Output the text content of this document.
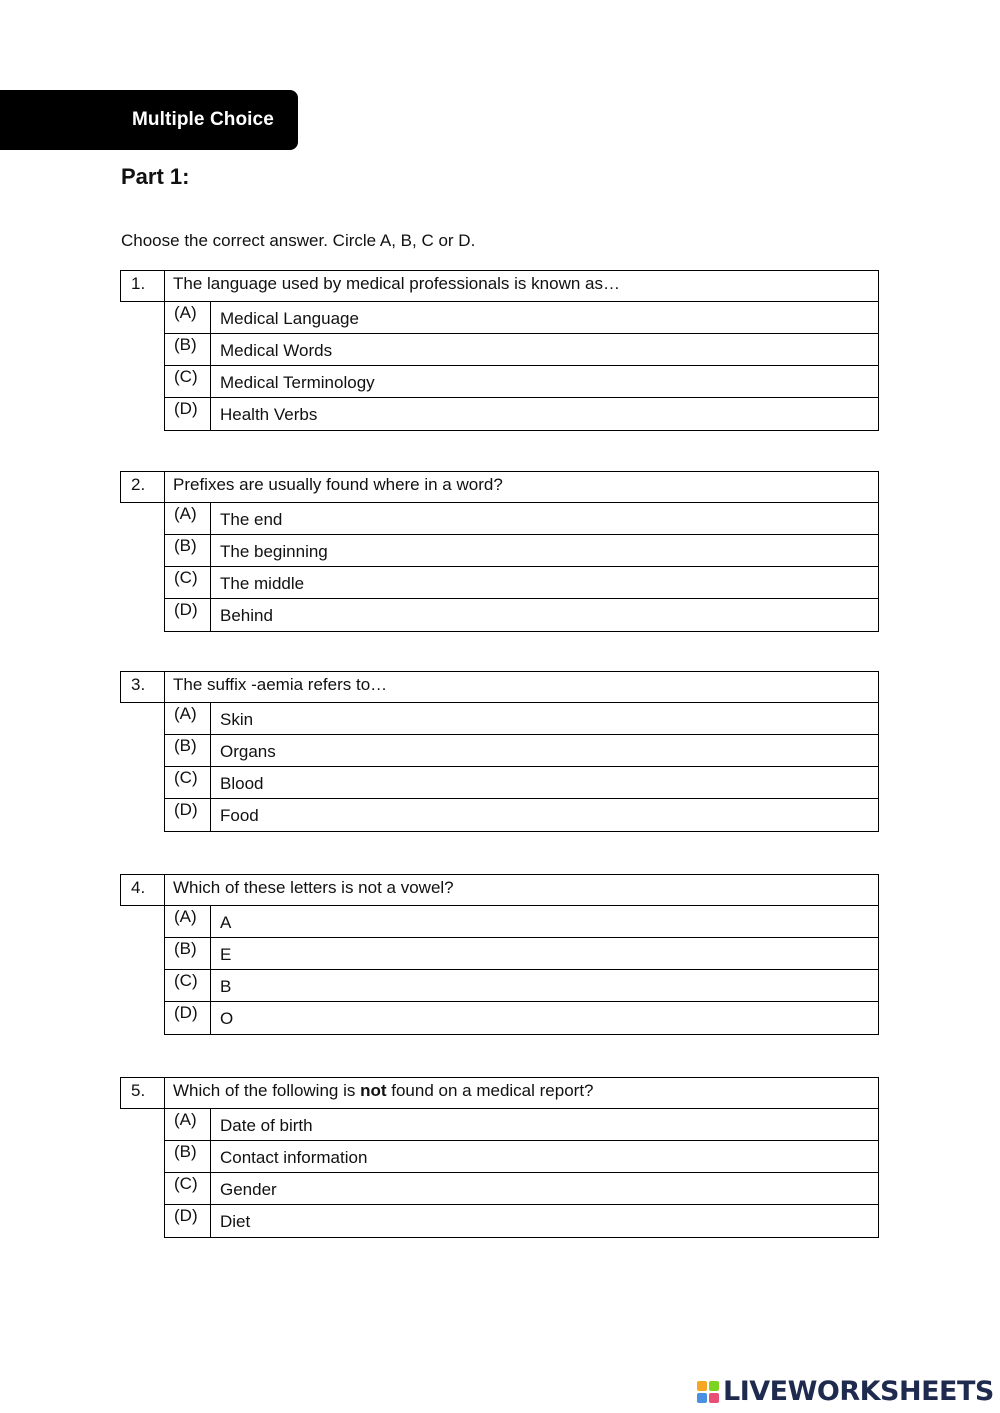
Multiple Choice
Part 1:
Choose the correct answer. Circle A, B, C or D.
1.	The language used by medical professionals is known as…
(A)	Medical Language
(B)	Medical Words
(C)	Medical Terminology
(D)	Health Verbs
2.	Prefixes are usually found where in a word?
(A)	The end
(B)	The beginning
(C)	The middle
(D)	Behind
3.	The suffix -aemia refers to…
(A)	Skin
(B)	Organs
(C)	Blood
(D)	Food
4.	Which of these letters is not a vowel?
(A)	A
(B)	E
(C)	B
(D)	O
5.	Which of the following is not found on a medical report?
(A)	Date of birth
(B)	Contact information
(C)	Gender
(D)	Diet
LIVEWORKSHEETS
